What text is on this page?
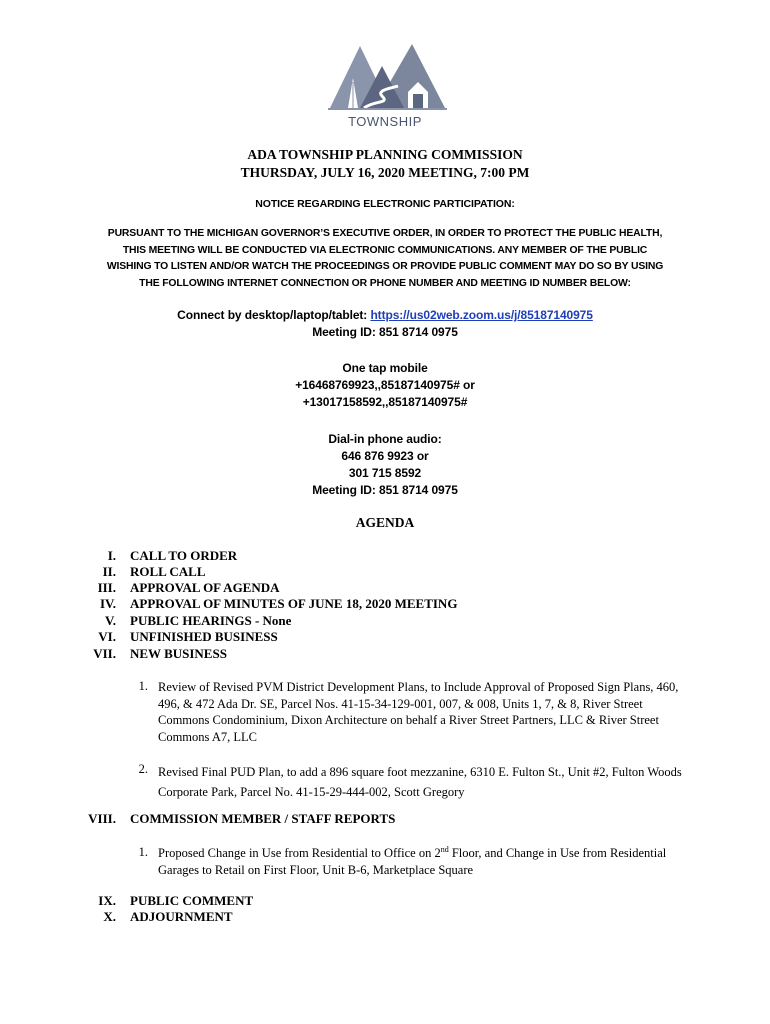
TOWNSHIP
ADA TOWNSHIP PLANNING COMMISSION
THURSDAY, JULY 16, 2020 MEETING, 7:00 PM
NOTICE REGARDING ELECTRONIC PARTICIPATION:
PURSUANT TO THE MICHIGAN GOVERNOR’S EXECUTIVE ORDER, IN ORDER TO PROTECT THE PUBLIC HEALTH,
THIS MEETING WILL BE CONDUCTED VIA ELECTRONIC COMMUNICATIONS. ANY MEMBER OF THE PUBLIC
WISHING TO LISTEN AND/OR WATCH THE PROCEEDINGS OR PROVIDE PUBLIC COMMENT MAY DO SO BY USING
THE FOLLOWING INTERNET CONNECTION OR PHONE NUMBER AND MEETING ID NUMBER BELOW:
Connect by desktop/laptop/tablet: https://us02web.zoom.us/j/85187140975
Meeting ID: 851 8714 0975
One tap mobile
+16468769923,,85187140975# or
+13017158592,,85187140975#
Dial-in phone audio:
646 876 9923 or
301 715 8592
Meeting ID: 851 8714 0975
AGENDA
I. CALL TO ORDER
II. ROLL CALL
III. APPROVAL OF AGENDA
IV. APPROVAL OF MINUTES OF JUNE 18, 2020 MEETING
V. PUBLIC HEARINGS - None
VI. UNFINISHED BUSINESS
VII. NEW BUSINESS
1. Review of Revised PVM District Development Plans, to Include Approval of Proposed Sign Plans, 460, 496, & 472 Ada Dr. SE, Parcel Nos. 41-15-34-129-001, 007, & 008, Units 1, 7, & 8, River Street Commons Condominium, Dixon Architecture on behalf a River Street Partners, LLC & River Street Commons A7, LLC
2. Revised Final PUD Plan, to add a 896 square foot mezzanine, 6310 E. Fulton St., Unit #2, Fulton Woods Corporate Park, Parcel No. 41-15-29-444-002, Scott Gregory
VIII. COMMISSION MEMBER / STAFF REPORTS
1. Proposed Change in Use from Residential to Office on 2nd Floor, and Change in Use from Residential Garages to Retail on First Floor, Unit B-6, Marketplace Square
IX. PUBLIC COMMENT
X. ADJOURNMENT
